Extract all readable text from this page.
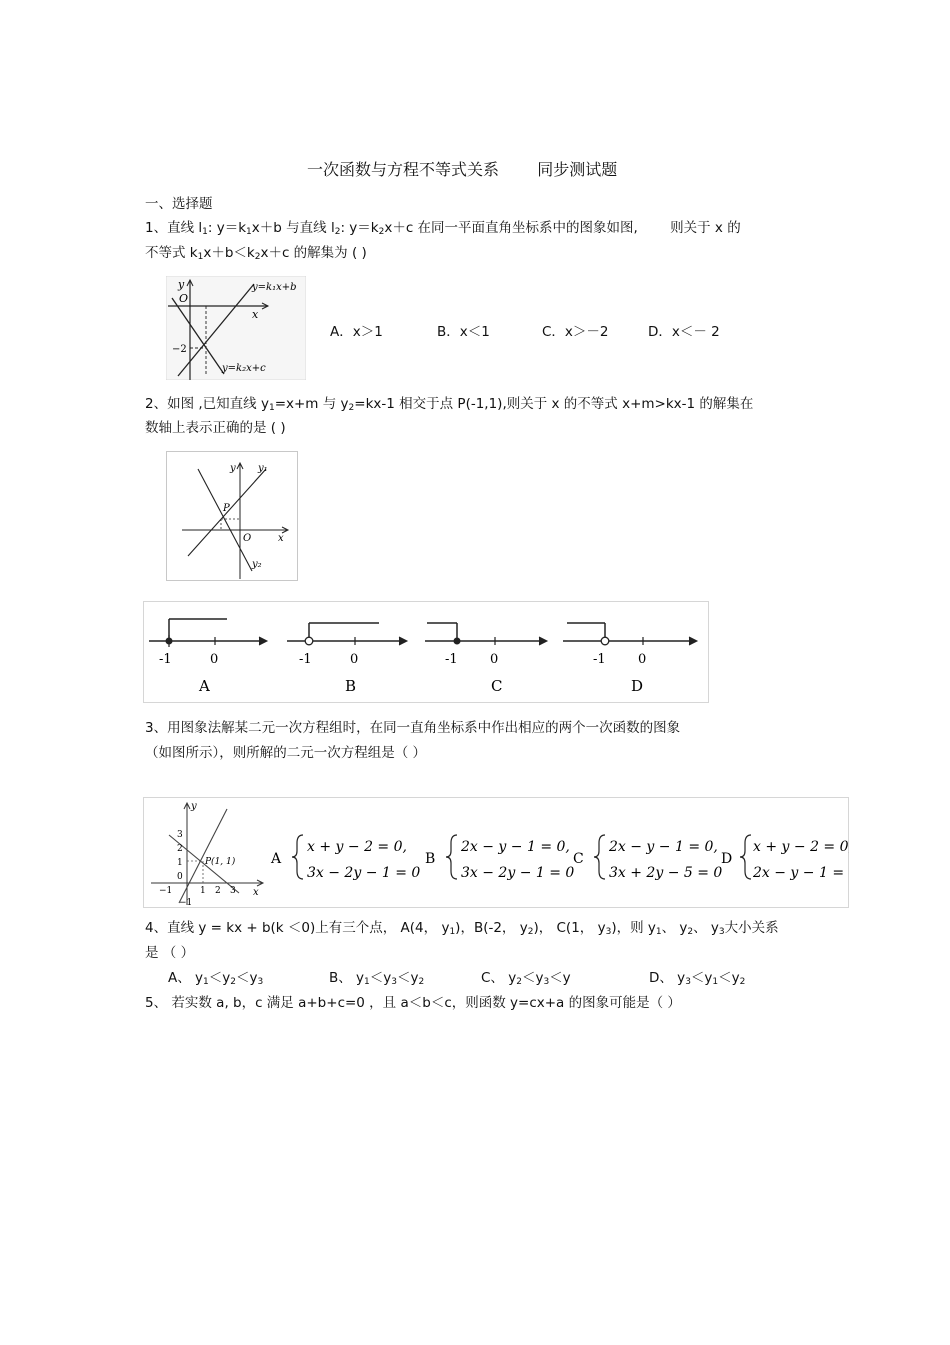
一次函数与方程不等式关系 同步测试题
一、选择题
1、直线 $l_1$: $y=k_1x+b$ 与直线 $l_2$: $y=k_2x+c$ 在同一平面直角坐标系中的图象如图, 则关于 x 的
不等式 $k_1x+b<k_2x+c$ 的解集为 ( )
y
O
x
−2
y=k₁x+b
y=k₂x+c
A．x＞1	B．x＜1	C．x＞－2	D．x＜－ 2
2、如图 ,已知直线 $y_1=x+m$ 与 $y_2=kx-1$ 相交于点 P(-1,1),则关于 x 的不等式 x+m>kx-1 的解集在
数轴上表示正确的是 ( )
y y₁
P
O	x
y₂
-1	0
A
-1	0
B
-1 0
C
-1 0
D
3、用图象法解某二元一次方程组时，在同一直角坐标系中作出相应的两个一次函数的图象
（如图所示），则所解的二元一次方程组是（ ）
y
x
P(1, 1)
3
2
1
0
−1	1 2 3
−1
A
x + y − 2 = 0,
3x − 2y − 1 = 0
B
2x − y − 1 = 0,
3x − 2y − 1 = 0
C
2x − y − 1 = 0,
3x + 2y − 5 = 0
D
x + y − 2 = 0,
2x − y − 1 = 0
4、直线 y = kx + b(k ＜0)上有三个点， A(4， $y_1$)，B(-2， $y_2$)， C(1， $y_3$)，则 $y_1$、 $y_2$、 $y_3$大小关系
是 （ ）
A、 $y_1<y_2<y_3$	B、 $y_1<y_3<y_2$	C、 $y_2<y_3<y$	D、 $y_3<y_1<y_2$
5、 若实数 a, b，c 满足 a+b+c=0 ，且 a＜b＜c，则函数 y=cx+a 的图象可能是（ ）
